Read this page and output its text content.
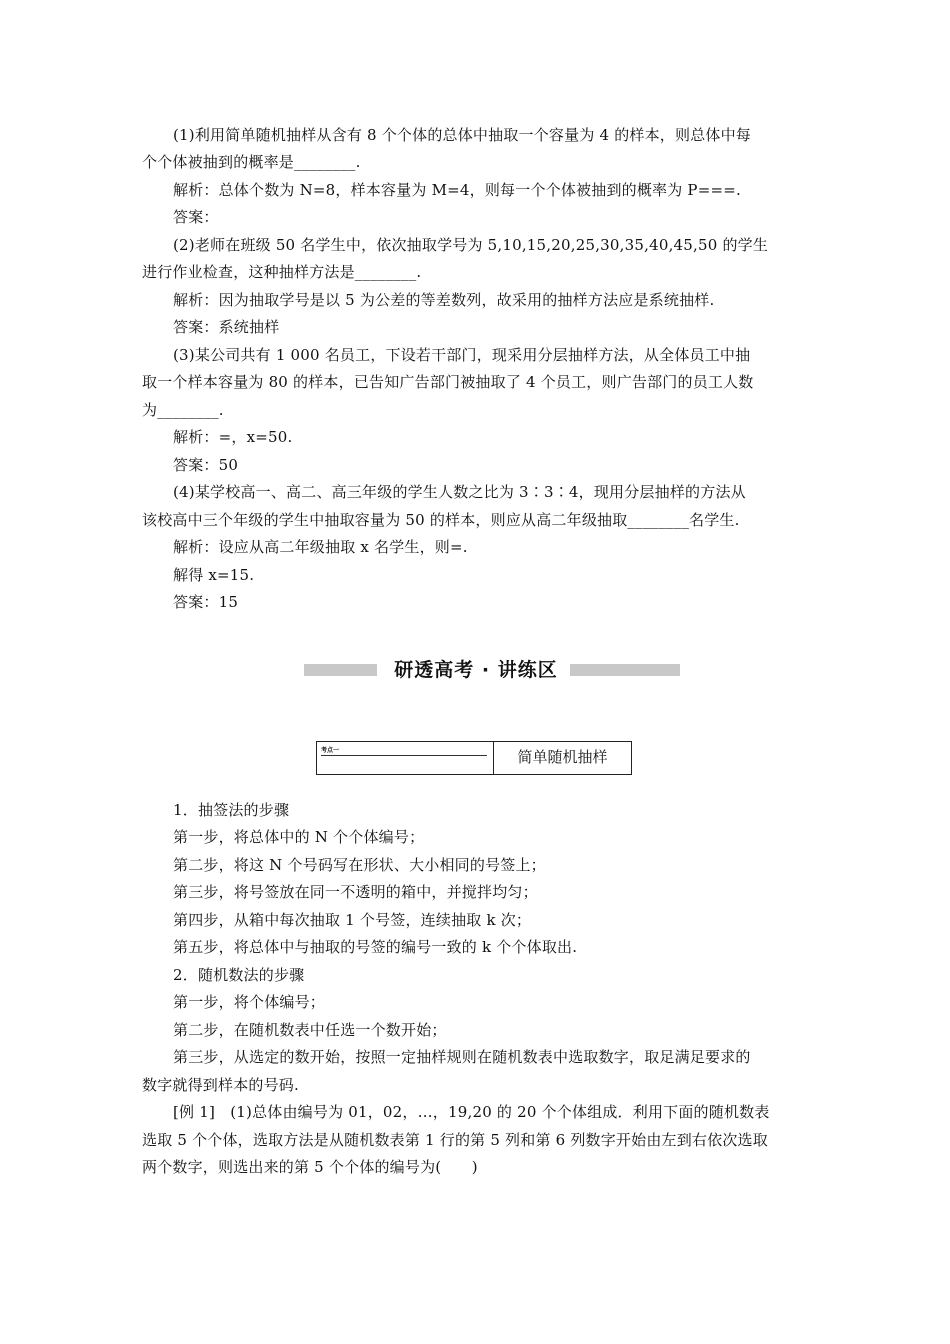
(1)利用简单随机抽样从含有 8 个个体的总体中抽取一个容量为 4 的样本，则总体中每

个个体被抽到的概率是________.

解析：总体个数为 N=8，样本容量为 M=4，则每一个个体被抽到的概率为 P===.

答案：

(2)老师在班级 50 名学生中，依次抽取学号为 5,10,15,20,25,30,35,40,45,50 的学生

进行作业检查，这种抽样方法是________.

解析：因为抽取学号是以 5 为公差的等差数列，故采用的抽样方法应是系统抽样.

答案：系统抽样

(3)某公司共有 1 000 名员工，下设若干部门，现采用分层抽样方法，从全体员工中抽

取一个样本容量为 80 的样本，已告知广告部门被抽取了 4 个员工，则广告部门的员工人数

为________.

解析：=，x=50.

答案：50

(4)某学校高一、高二、高三年级的学生人数之比为 3∶3∶4，现用分层抽样的方法从

该校高中三个年级的学生中抽取容量为 50 的样本，则应从高二年级抽取________名学生.

解析：设应从高二年级抽取 x 名学生，则=.

解得 x=15.

答案：15

研透高考 · 讲练区
考点一	简单随机抽样

1．抽签法的步骤

第一步，将总体中的 N 个个体编号；

第二步，将这 N 个号码写在形状、大小相同的号签上；

第三步，将号签放在同一不透明的箱中，并搅拌均匀；

第四步，从箱中每次抽取 1 个号签，连续抽取 k 次；

第五步，将总体中与抽取的号签的编号一致的 k 个个体取出.

2．随机数法的步骤

第一步，将个体编号；

第二步，在随机数表中任选一个数开始；

第三步，从选定的数开始，按照一定抽样规则在随机数表中选取数字，取足满足要求的

数字就得到样本的号码.

[例 1]　(1)总体由编号为 01，02，…，19,20 的 20 个个体组成．利用下面的随机数表

选取 5 个个体，选取方法是从随机数表第 1 行的第 5 列和第 6 列数字开始由左到右依次选取

两个数字，则选出来的第 5 个个体的编号为(　　)
